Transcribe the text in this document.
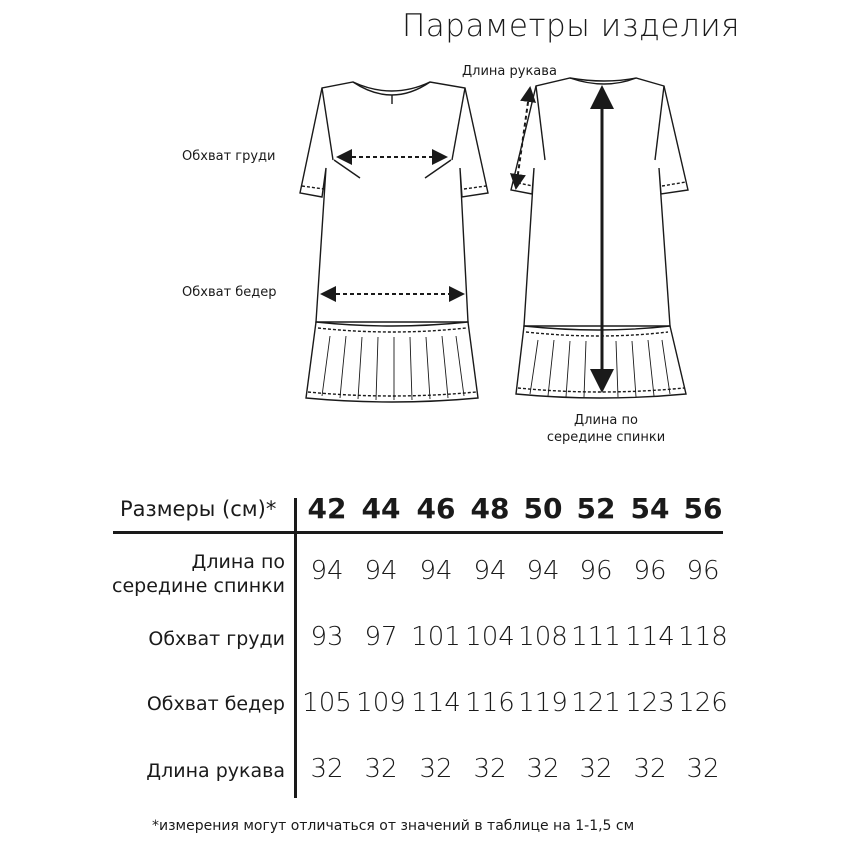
Параметры изделия
Длина рукава
Обхват груди
Обхват бедер
Длина по
середине спинки
Размеры (см)*	42 44 46 48 50 52 54 56
Длина по
середине спинки 94 94 94 94 94 96 96 96
Обхват груди 93 97 101 104 108 111 114 118
Обхват бедер 105 109 114 116 119 121 123 126
Длина рукава 32 32 32 32 32 32 32 32
*измерения могут отличаться от значений в таблице на 1-1,5 см
